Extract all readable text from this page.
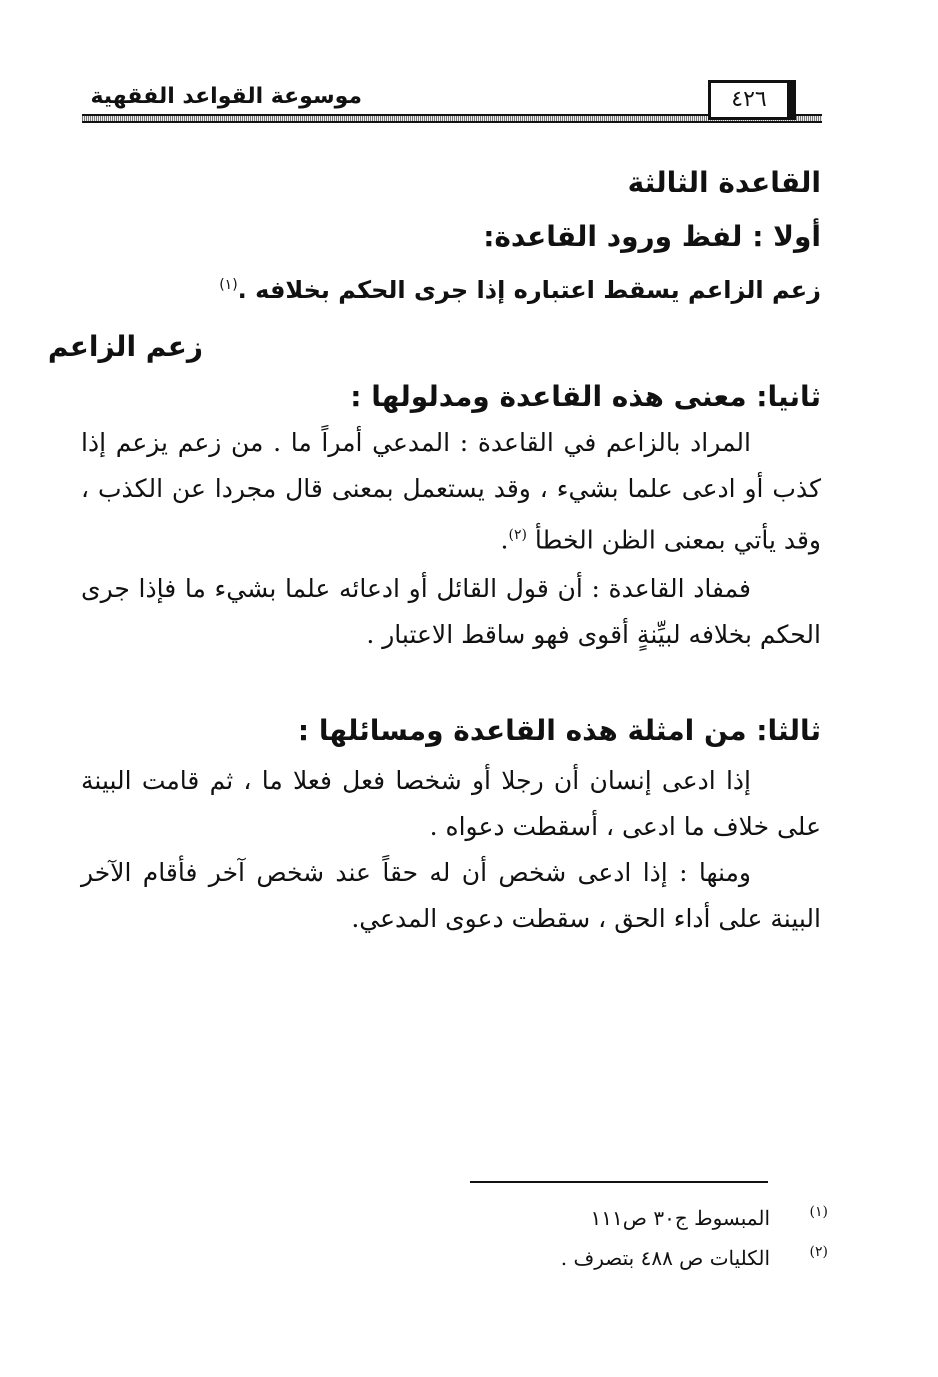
موسوعة القواعد الفقهية	٤٢٦
القاعدة الثالثة
أولا : لفظ ورود القاعدة:
زعم الزاعم يسقط اعتباره إذا جرى الحكم بخلافه .$^{(١)}$
زعم الزاعم
ثانيا: معنى هذه القاعدة ومدلولها :
المراد بالزاعم في القاعدة : المدعي أمراً ما . من زعم يزعم إذا كذب أو ادعى علما بشيء ، وقد يستعمل بمعنى قال مجردا عن الكذب ، وقد يأتي بمعنى الظن الخطأ $^{(٢)}$.
فمفاد القاعدة : أن قول القائل أو ادعائه علما بشيء ما فإذا جرى الحكم بخلافه لبيِّنةٍ أقوى فهو ساقط الاعتبار .
ثالثا: من امثلة هذه القاعدة ومسائلها :
إذا ادعى إنسان أن رجلا أو شخصا فعل فعلا ما ، ثم قامت البينة على خلاف ما ادعى ، أسقطت دعواه .
ومنها : إذا ادعى شخص أن له حقاً عند شخص آخر فأقام الآخر البينة على أداء الحق ، سقطت دعوى المدعي.
(١)
المبسوط ج٣٠ ص١١١
(٢)
الكليات ص ٤٨٨ بتصرف .
